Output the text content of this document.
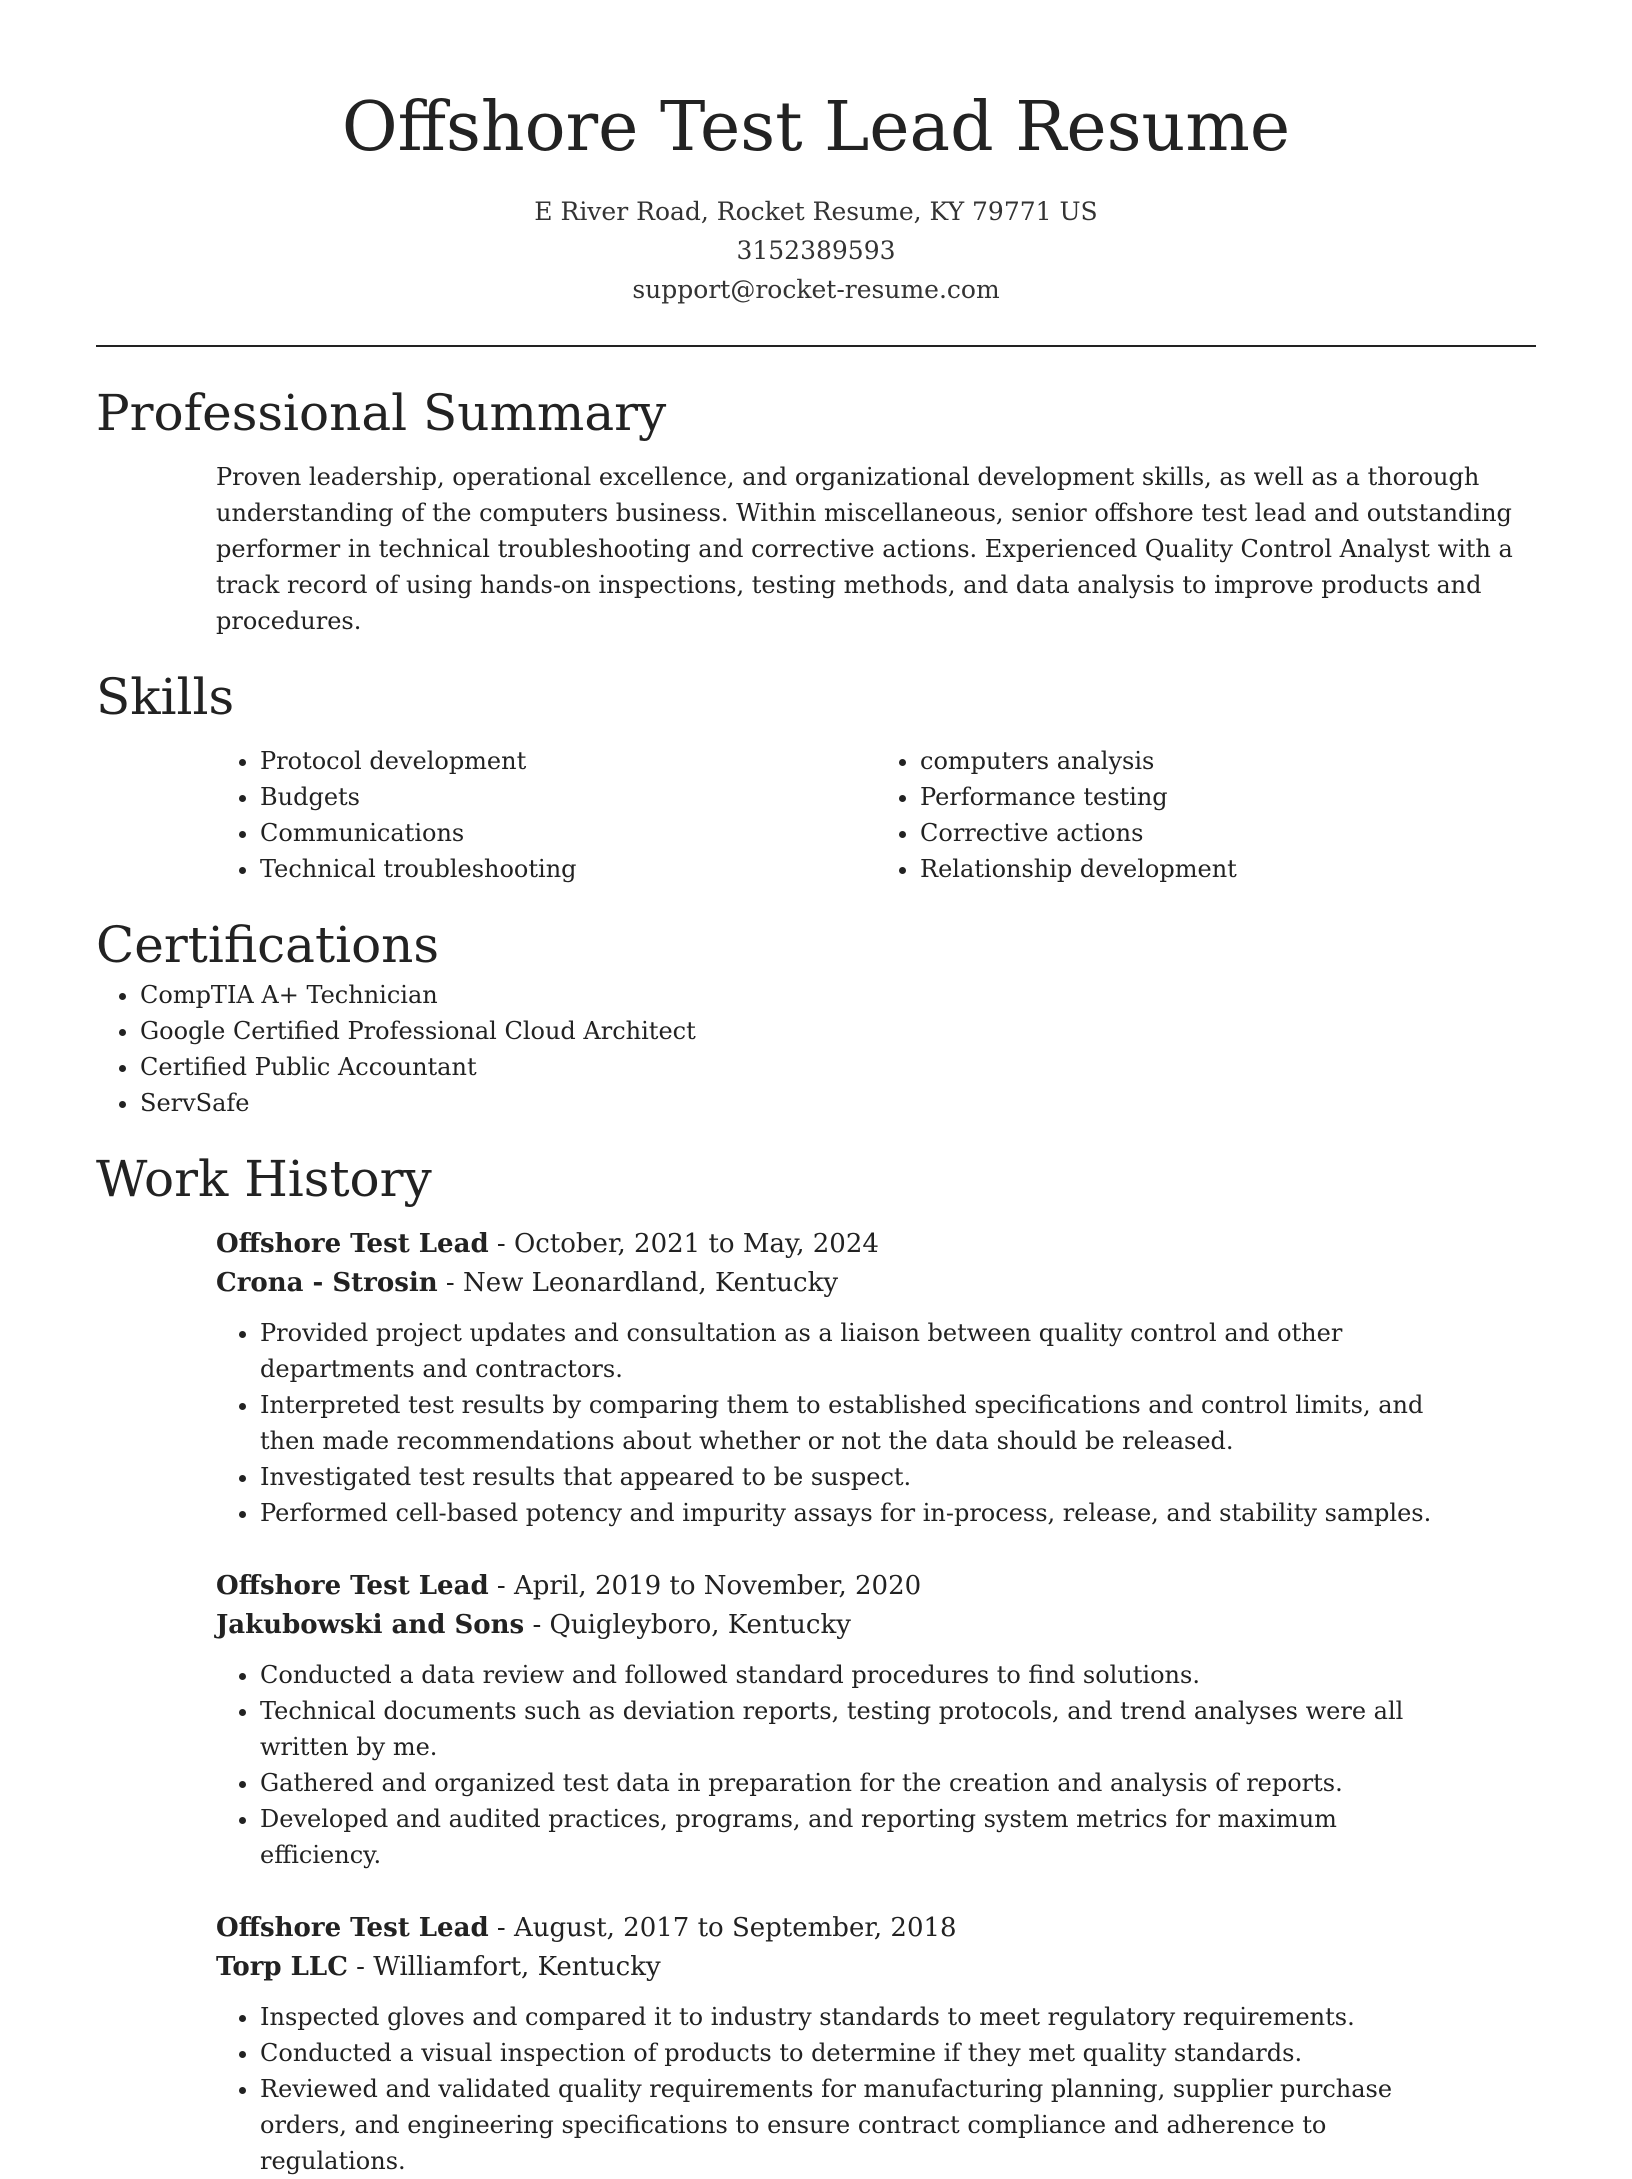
Offshore Test Lead Resume
E River Road, Rocket Resume, KY 79771 US
3152389593
support@rocket-resume.com
Professional Summary

Proven leadership, operational excellence, and organizational development skills, as well as a thorough understanding of the computers business. Within miscellaneous, senior offshore test lead and outstanding performer in technical troubleshooting and corrective actions. Experienced Quality Control Analyst with a track record of using hands-on inspections, testing methods, and data analysis to improve products and procedures.

Skills
• Protocol development
• Budgets
• Communications
• Technical troubleshooting
• computers analysis
• Performance testing
• Corrective actions
• Relationship development
Certifications
• CompTIA A+ Technician
• Google Certified Professional Cloud Architect
• Certified Public Accountant
• ServSafe
Work History
Offshore Test Lead - October, 2021 to May, 2024
Crona - Strosin - New Leonardland, Kentucky
• Provided project updates and consultation as a liaison between quality control and other departments and contractors.
• Interpreted test results by comparing them to established specifications and control limits, and then made recommendations about whether or not the data should be released.
• Investigated test results that appeared to be suspect.
• Performed cell-based potency and impurity assays for in-process, release, and stability samples.
Offshore Test Lead - April, 2019 to November, 2020
Jakubowski and Sons - Quigleyboro, Kentucky
• Conducted a data review and followed standard procedures to find solutions.
• Technical documents such as deviation reports, testing protocols, and trend analyses were all written by me.
• Gathered and organized test data in preparation for the creation and analysis of reports.
• Developed and audited practices, programs, and reporting system metrics for maximum efficiency.
Offshore Test Lead - August, 2017 to September, 2018
Torp LLC - Williamfort, Kentucky
• Inspected gloves and compared it to industry standards to meet regulatory requirements.
• Conducted a visual inspection of products to determine if they met quality standards.
• Reviewed and validated quality requirements for manufacturing planning, supplier purchase orders, and engineering specifications to ensure contract compliance and adherence to regulations.
